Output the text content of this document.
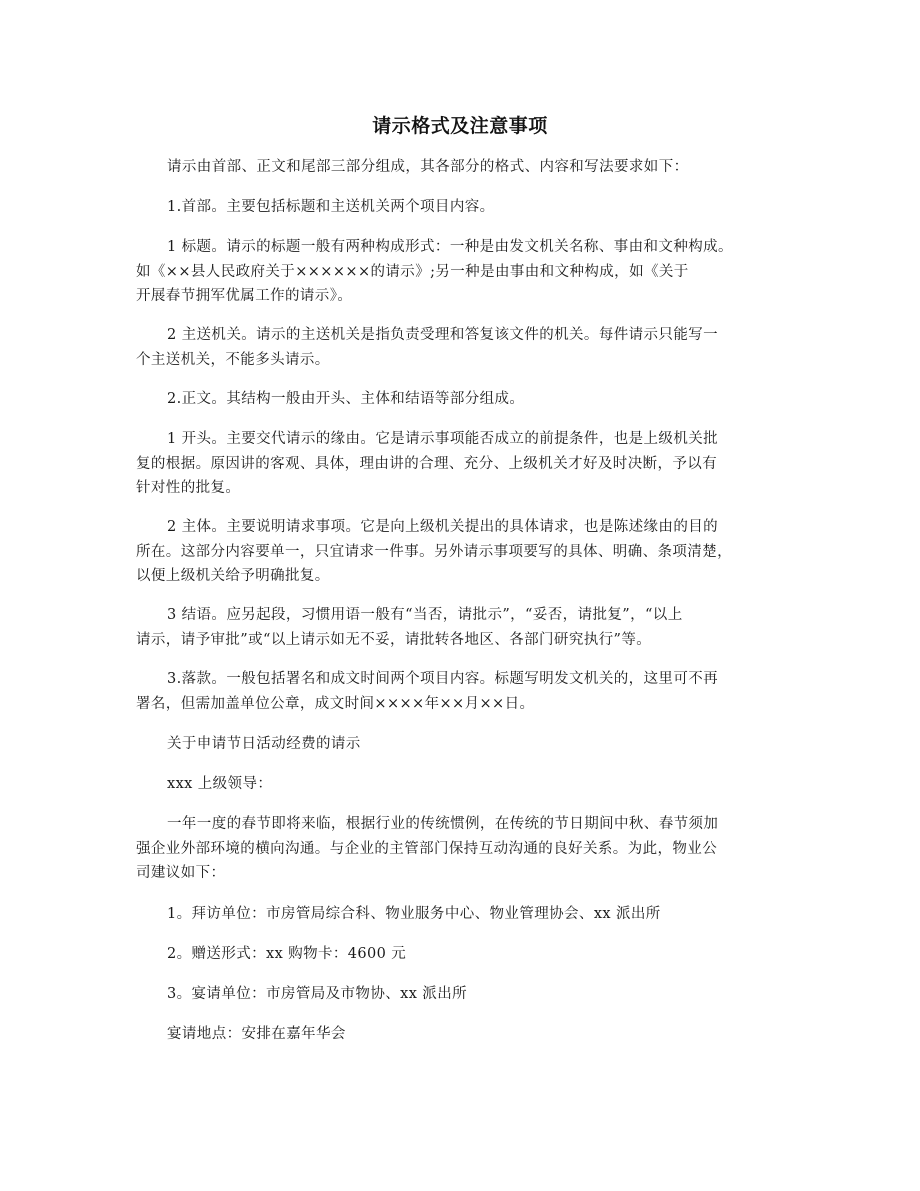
请示格式及注意事项
请示由首部、正文和尾部三部分组成，其各部分的格式、内容和写法要求如下：
1.首部。主要包括标题和主送机关两个项目内容。
1 标题。请示的标题一般有两种构成形式：一种是由发文机关名称、事由和文种构成。
如《××县人民政府关于××××××的请示》;另一种是由事由和文种构成，如《关于
开展春节拥军优属工作的请示》。
2 主送机关。请示的主送机关是指负责受理和答复该文件的机关。每件请示只能写一
个主送机关，不能多头请示。
2.正文。其结构一般由开头、主体和结语等部分组成。
1 开头。主要交代请示的缘由。它是请示事项能否成立的前提条件，也是上级机关批
复的根据。原因讲的客观、具体，理由讲的合理、充分、上级机关才好及时决断，予以有
针对性的批复。
2 主体。主要说明请求事项。它是向上级机关提出的具体请求，也是陈述缘由的目的
所在。这部分内容要单一，只宜请求一件事。另外请示事项要写的具体、明确、条项清楚，
以便上级机关给予明确批复。
3 结语。应另起段，习惯用语一般有“当否，请批示”，“妥否，请批复”，“以上
请示，请予审批”或“以上请示如无不妥，请批转各地区、各部门研究执行”等。
3.落款。一般包括署名和成文时间两个项目内容。标题写明发文机关的，这里可不再
署名，但需加盖单位公章，成文时间××××年××月××日。
关于申请节日活动经费的请示
xxx 上级领导：
一年一度的春节即将来临，根据行业的传统惯例，在传统的节日期间中秋、春节须加
强企业外部环境的横向沟通。与企业的主管部门保持互动沟通的良好关系。为此，物业公
司建议如下：
1。拜访单位：市房管局综合科、物业服务中心、物业管理协会、xx 派出所
2。赠送形式：xx 购物卡：4600 元
3。宴请单位：市房管局及市物协、xx 派出所
宴请地点：安排在嘉年华会
